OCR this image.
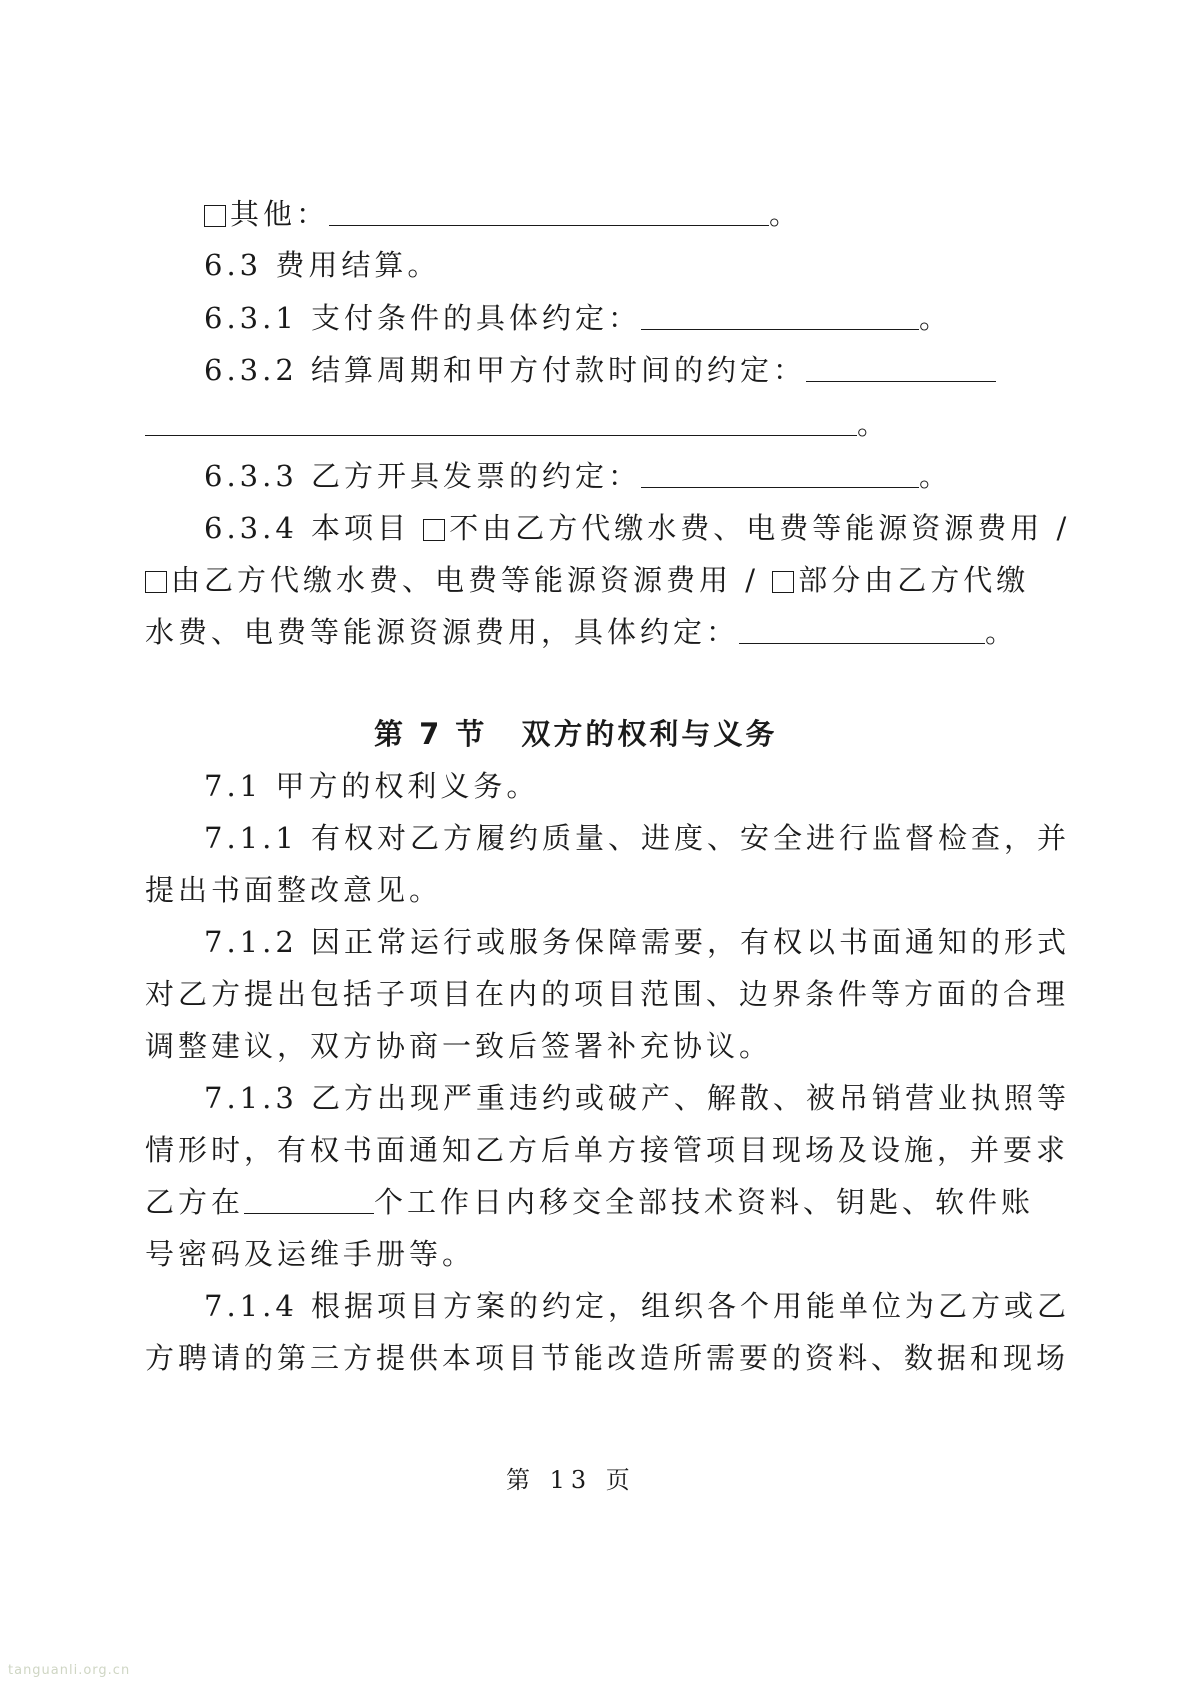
其他：	。
6.3 费用结算。
6.3.1 支付条件的具体约定：	。
6.3.2 结算周期和甲方付款时间的约定：
。
6.3.3 乙方开具发票的约定：	。
6.3.4 本项目 不由乙方代缴水费、电费等能源资源费用 /
由乙方代缴水费、电费等能源资源费用 / 部分由乙方代缴
水费、电费等能源资源费用，具体约定：	。
第 7 节 双方的权利与义务
7.1 甲方的权利义务。
7.1.1 有权对乙方履约质量、进度、安全进行监督检查，并
提出书面整改意见。
7.1.2 因正常运行或服务保障需要，有权以书面通知的形式
对乙方提出包括子项目在内的项目范围、边界条件等方面的合理
调整建议，双方协商一致后签署补充协议。
7.1.3 乙方出现严重违约或破产、解散、被吊销营业执照等
情形时，有权书面通知乙方后单方接管项目现场及设施，并要求
乙方在	个工作日内移交全部技术资料、钥匙、软件账
号密码及运维手册等。
7.1.4 根据项目方案的约定，组织各个用能单位为乙方或乙
方聘请的第三方提供本项目节能改造所需要的资料、数据和现场
第 13 页
tanguanli.org.cn
